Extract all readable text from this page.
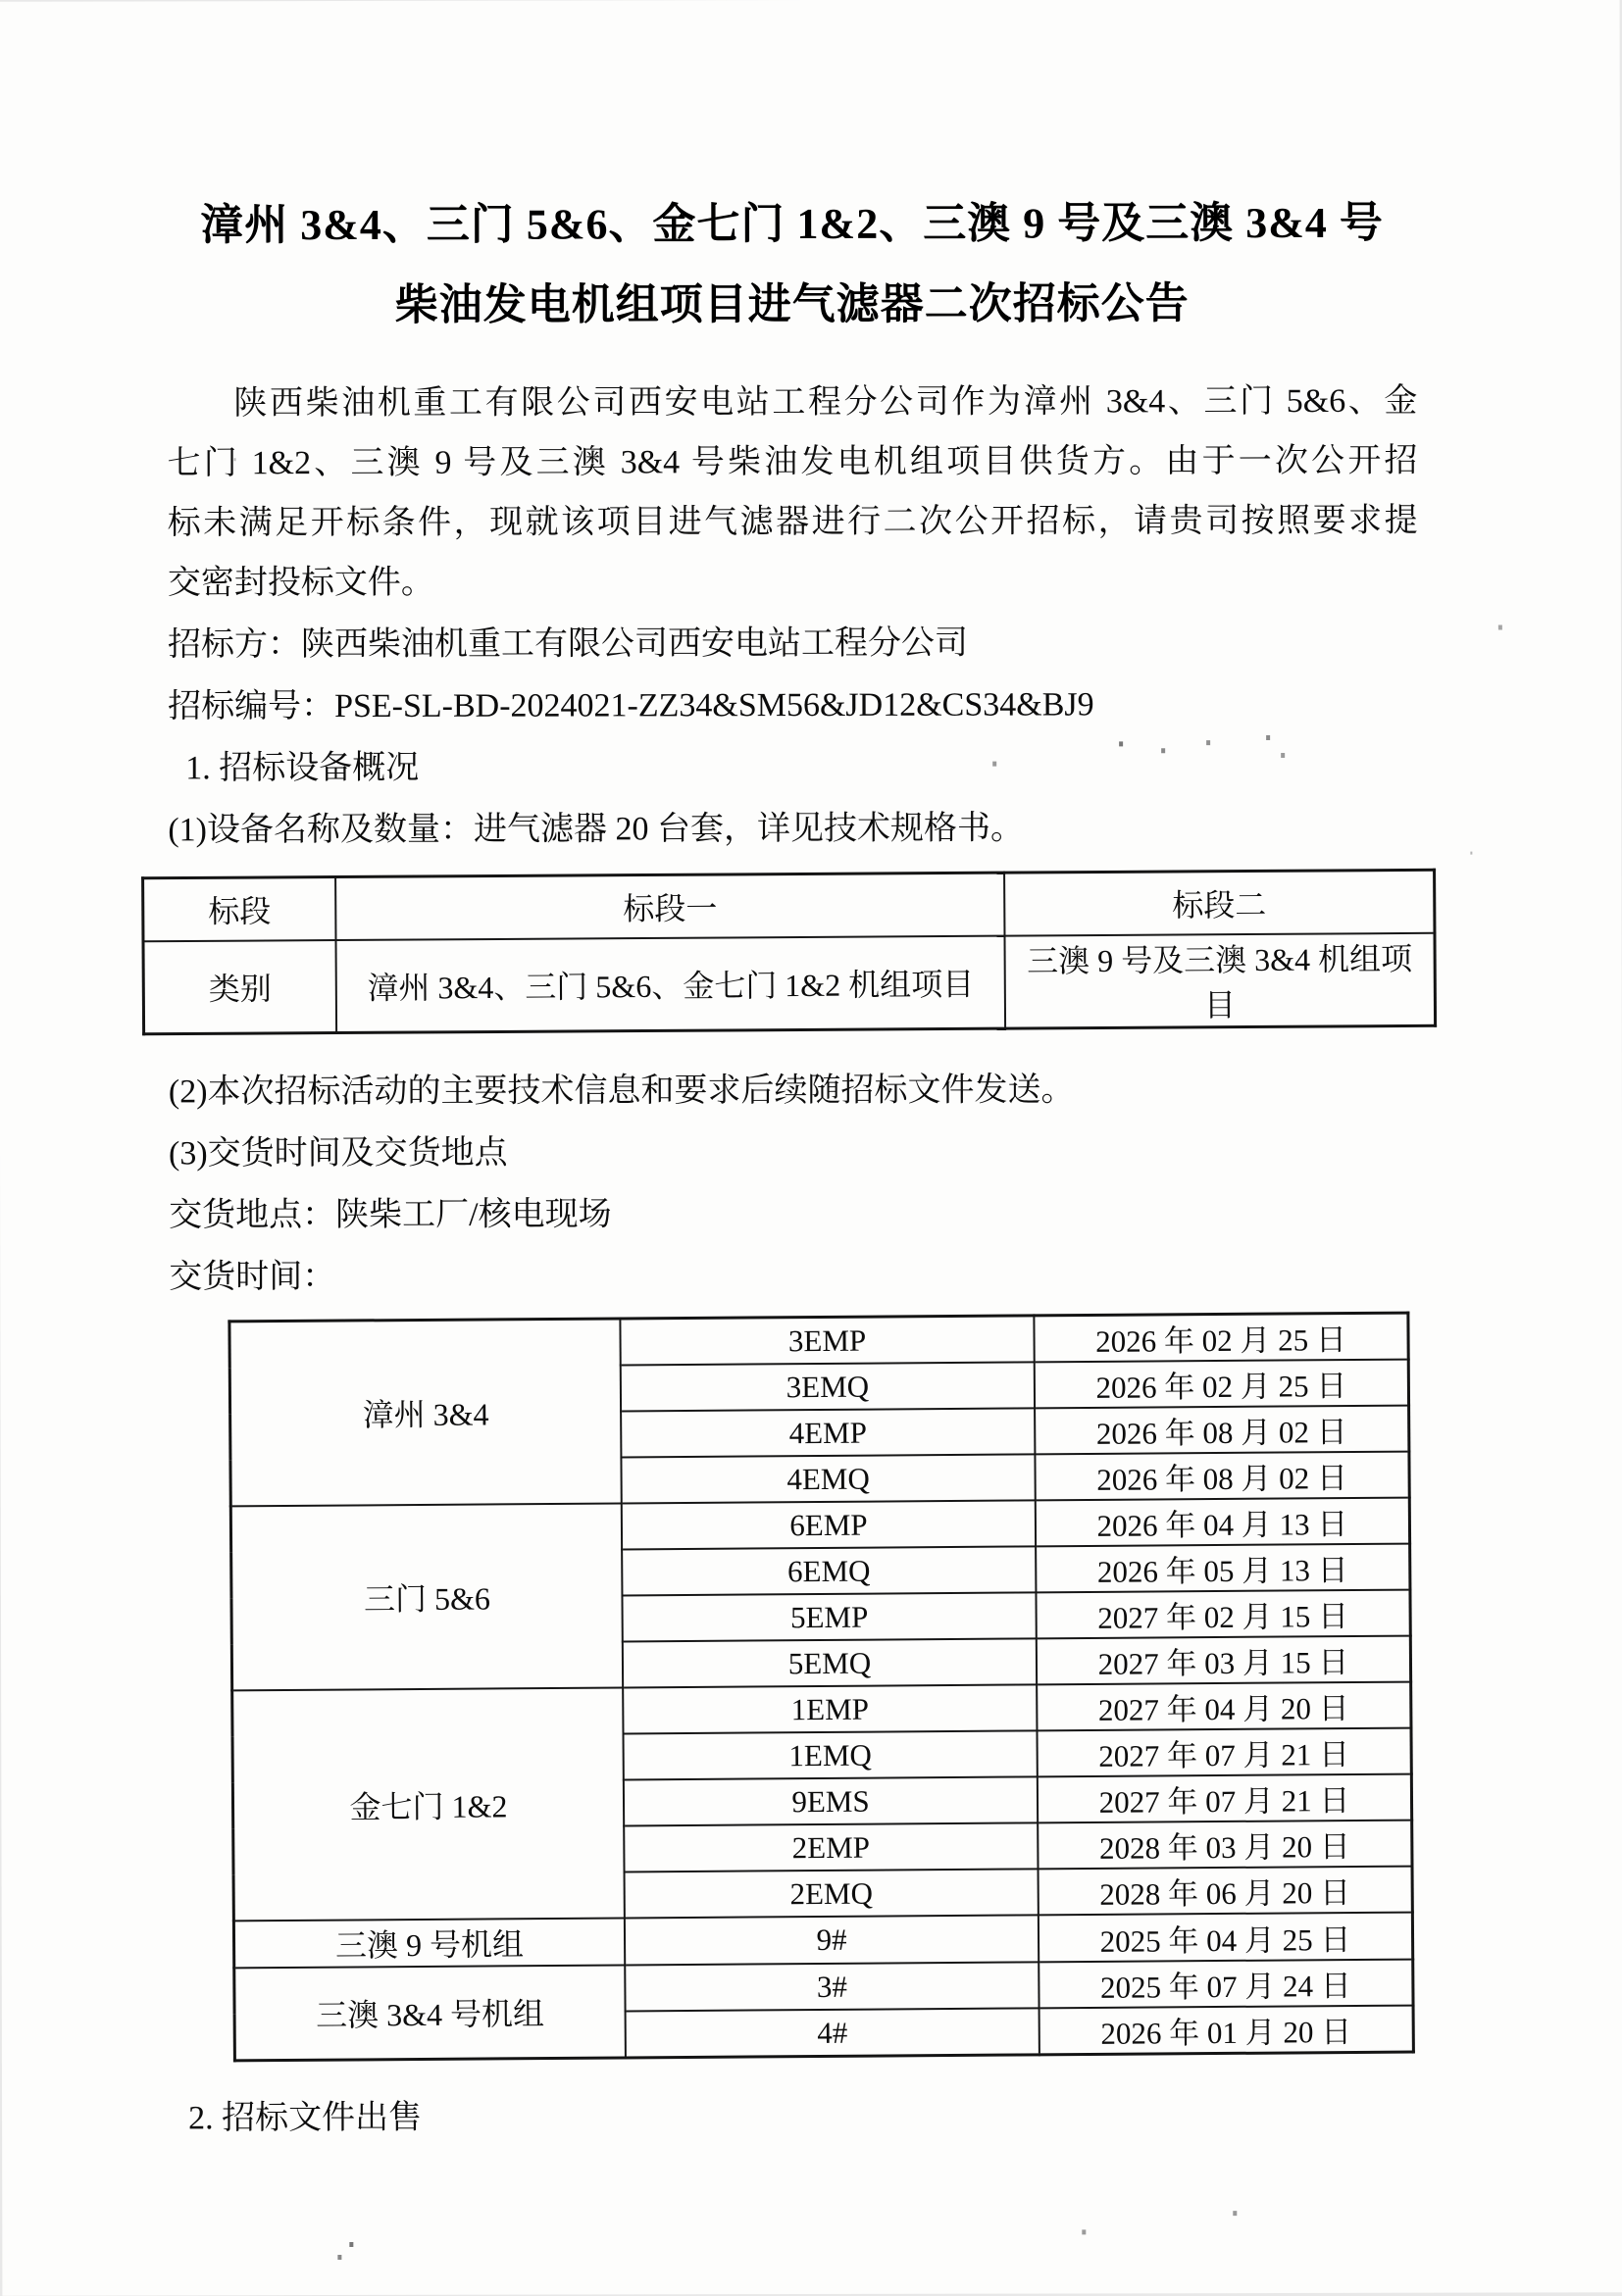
漳州 3&4、三门 5&6、金七门 1&2、三澳 9 号及三澳 3&4 号
柴油发电机组项目进气滤器二次招标公告
陕西柴油机重工有限公司西安电站工程分公司作为漳州 3&4、三门 5&6、金
七门 1&2、三澳 9 号及三澳 3&4 号柴油发电机组项目供货方。由于一次公开招
标未满足开标条件，现就该项目进气滤器进行二次公开招标，请贵司按照要求提
交密封投标文件。
招标方：陕西柴油机重工有限公司西安电站工程分公司
招标编号：PSE-SL-BD-2024021-ZZ34&SM56&JD12&CS34&BJ9
1. 招标设备概况
(1)设备名称及数量：进气滤器 20 台套，详见技术规格书。
标段	标段一	标段二
类别	漳州 3&4、三门 5&6、金七门 1&2 机组项目	三澳 9 号及三澳 3&4 机组项目
(2)本次招标活动的主要技术信息和要求后续随招标文件发送。
(3)交货时间及交货地点
交货地点：陕柴工厂/核电现场
交货时间：
漳州 3&4	3EMP	2026 年 02 月 25 日
	3EMQ	2026 年 02 月 25 日
	4EMP	2026 年 08 月 02 日
	4EMQ	2026 年 08 月 02 日
三门 5&6	6EMP	2026 年 04 月 13 日
	6EMQ	2026 年 05 月 13 日
	5EMP	2027 年 02 月 15 日
	5EMQ	2027 年 03 月 15 日
金七门 1&2	1EMP	2027 年 04 月 20 日
	1EMQ	2027 年 07 月 21 日
	9EMS	2027 年 07 月 21 日
	2EMP	2028 年 03 月 20 日
	2EMQ	2028 年 06 月 20 日
三澳 9 号机组	9#	2025 年 04 月 25 日
三澳 3&4 号机组	3#	2025 年 07 月 24 日
	4#	2026 年 01 月 20 日
2. 招标文件出售
